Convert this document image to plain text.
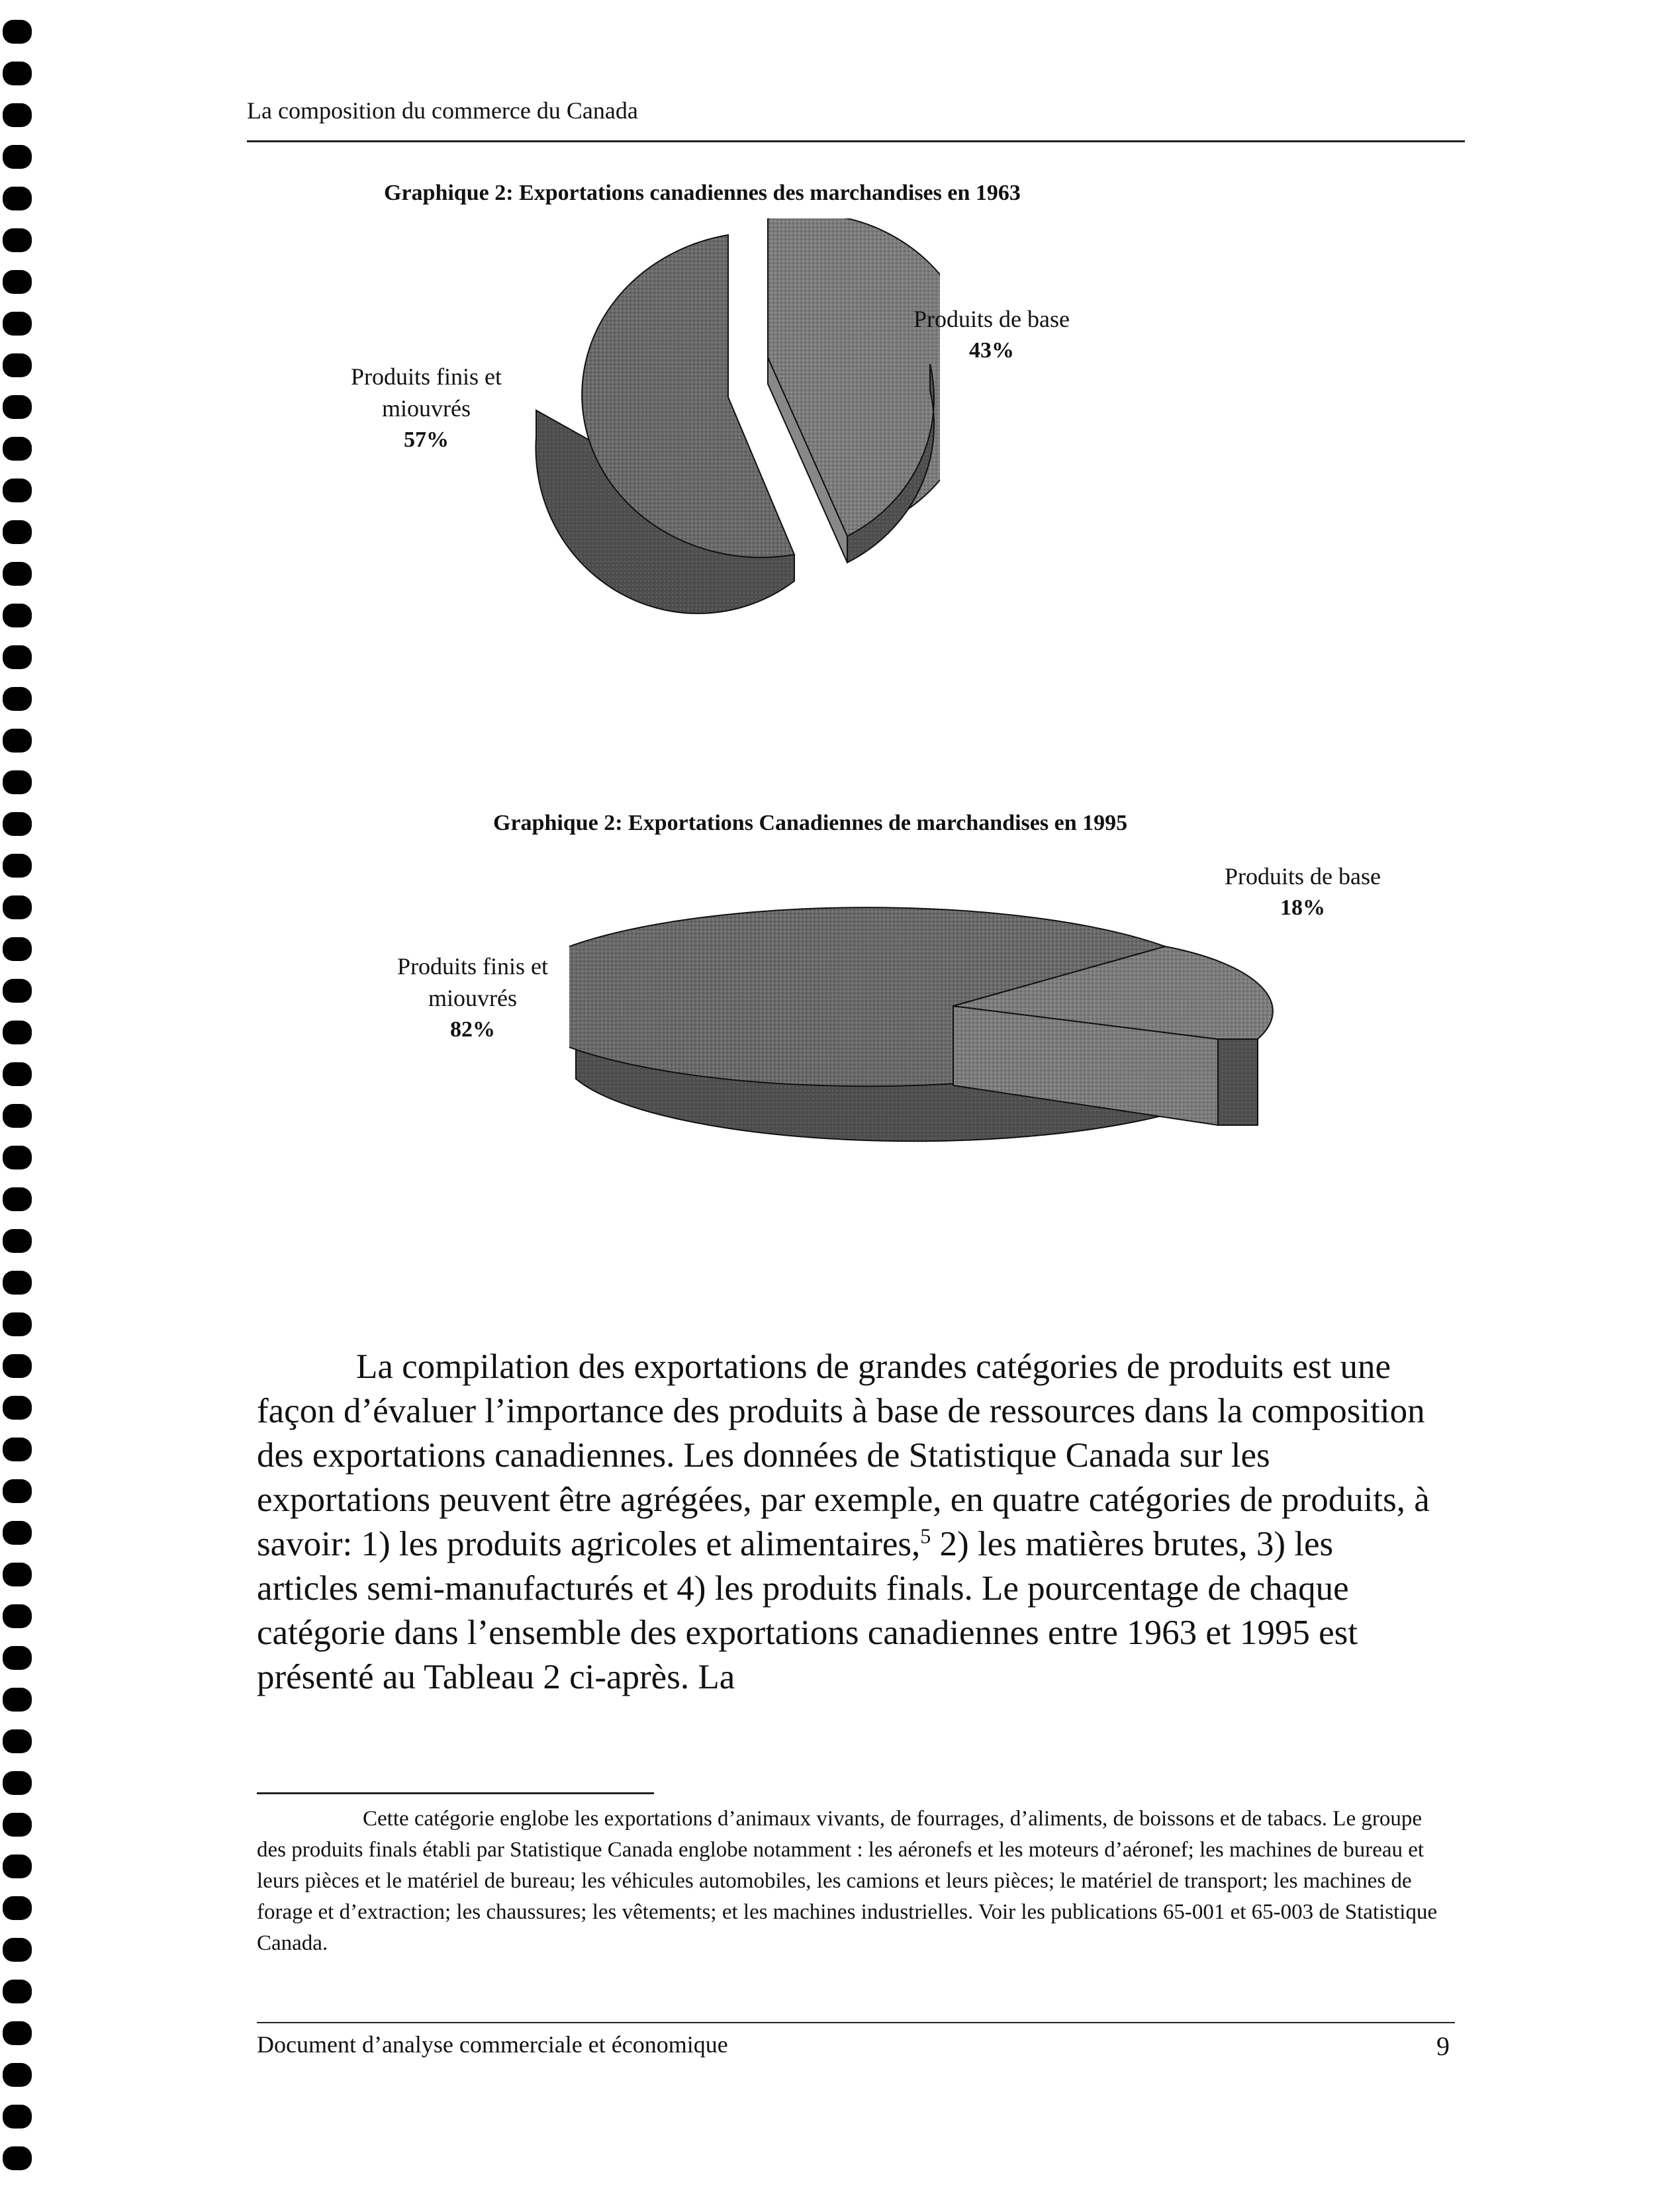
La composition du commerce du Canada
Graphique 2: Exportations canadiennes des marchandises en 1963
Produits de base
43%
Produits finis et
miouvrés
57%
Graphique 2: Exportations Canadiennes de marchandises en 1995
Produits de base
18%
Produits finis et
miouvrés
82%

La compilation des exportations de grandes catégories de produits est une façon d’évaluer l’importance des produits à base de ressources dans la composition des exportations canadiennes. Les données de Statistique Canada sur les exportations peuvent être agrégées, par exemple, en quatre catégories de produits, à savoir: 1) les produits agricoles et alimentaires,$^5$ 2) les matières brutes, 3) les articles semi-manufacturés et 4) les produits finals. Le pourcentage de chaque catégorie dans l’ensemble des exportations canadiennes entre 1963 et 1995 est présenté au Tableau 2 ci-après. La

Cette catégorie englobe les exportations d’animaux vivants, de fourrages, d’aliments, de boissons et de tabacs. Le groupe des produits finals établi par Statistique Canada englobe notamment : les aéronefs et les moteurs d’aéronef; les machines de bureau et leurs pièces et le matériel de bureau; les véhicules automobiles, les camions et leurs pièces; le matériel de transport; les machines de forage et d’extraction; les chaussures; les vêtements; et les machines industrielles. Voir les publications 65-001 et 65-003 de Statistique Canada.

Document d’analyse commerciale et économique	9
